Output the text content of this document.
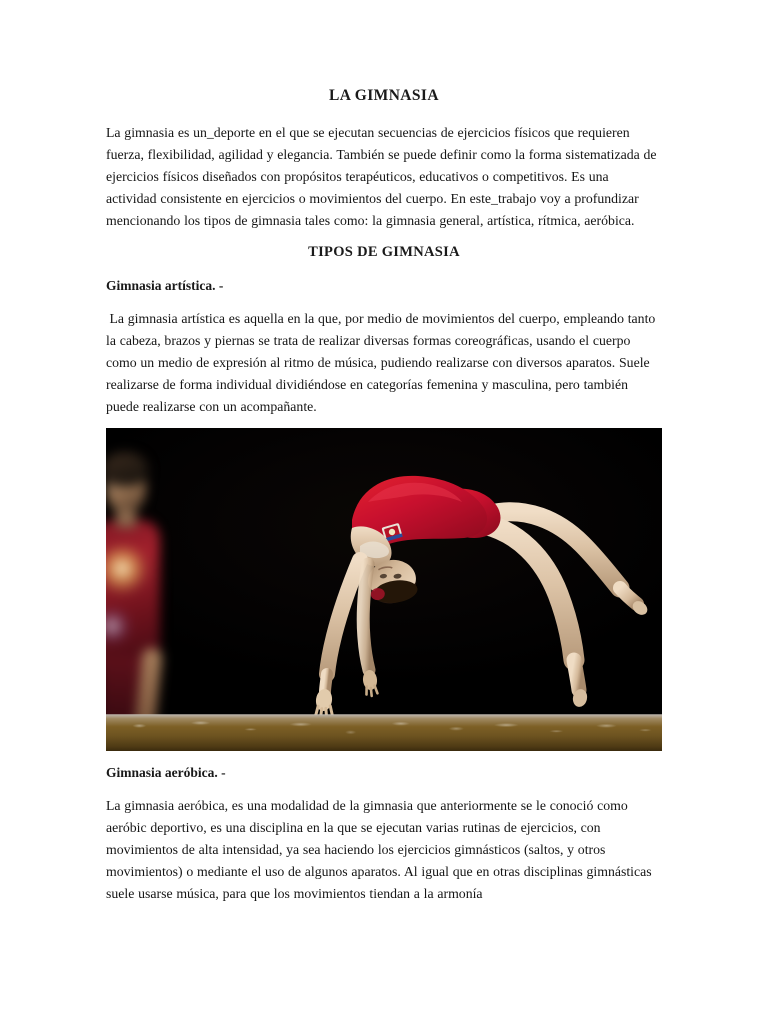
LA GIMNASIA

La gimnasia es un_deporte en el que se ejecutan secuencias de ejercicios físicos que requieren fuerza, flexibilidad, agilidad y elegancia. También se puede definir como la forma sistematizada de ejercicios físicos diseñados con propósitos terapéuticos, educativos o competitivos. Es una actividad consistente en ejercicios o movimientos del cuerpo. En este_trabajo voy a profundizar mencionando los tipos de gimnasia tales como: la gimnasia general, artística, rítmica, aeróbica.

TIPOS DE GIMNASIA
Gimnasia artística. -

La gimnasia artística es aquella en la que, por medio de movimientos del cuerpo, empleando tanto la cabeza, brazos y piernas se trata de realizar diversas formas coreográficas, usando el cuerpo como un medio de expresión al ritmo de música, pudiendo realizarse con diversos aparatos. Suele realizarse de forma individual dividiéndose en categorías femenina y masculina, pero también puede realizarse con un acompañante.

Gimnasia aeróbica. -

La gimnasia aeróbica, es una modalidad de la gimnasia que anteriormente se le conoció como aeróbic deportivo, es una disciplina en la que se ejecutan varias rutinas de ejercicios, con movimientos de alta intensidad, ya sea haciendo los ejercicios gimnásticos (saltos, y otros movimientos) o mediante el uso de algunos aparatos. Al igual que en otras disciplinas gimnásticas suele usarse música, para que los movimientos tiendan a la armonía
